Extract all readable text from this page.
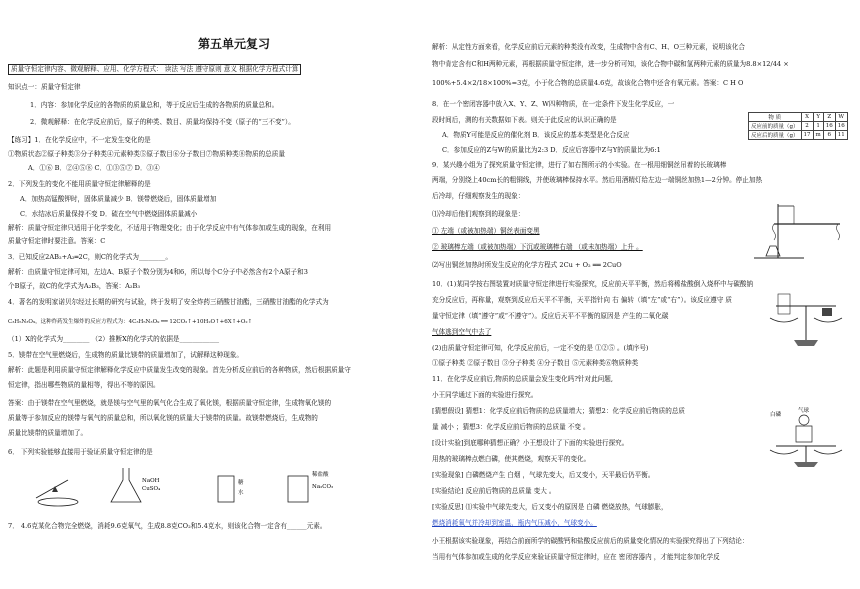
第五单元复习
质量守恒定律内容、微观解释、应用、化学方程式： 读法 写法 遵守原则 意义 根据化学方程式计算
知识点一：质量守恒定律
1．内容：参加化学反应的各物质的质量总和，等于反应后生成的各物质的质量总和。
2．微观解释：在化学反应前后，原子的种类、数目、质量均保持不变（原子的“三不变”）。
【练习】1．在化学反应中，不一定发生变化的是
①物质状态②原子种类③分子种类④元素种类⑤原子数目⑥分子数目⑦物质种类⑧物质的总质量
A．①⑥ B．②④⑤⑧ C．①③⑤⑦ D．③④
2．下列发生的变化不能用质量守恒定律解释的是
A．加热高锰酸钾时，固体质量减少 B．镁带燃烧后，固体质量增加
C．水结冰后质量保持不变 D．硫在空气中燃烧固体质量减小
解析：质量守恒定律只适用于化学变化，不适用于物理变化；由于化学反应中有气体参加或生成的现象，在利用
质量守恒定律时要注意。答案：C
3．已知反应2AB₂+A₂═2C，则C的化学式为________。
解析：由质量守恒定律可知，左边A、B原子个数分别为4和6，所以每个C分子中必然含有2个A原子和3
个B原子，故C的化学式为A₂B₃，答案：A₂B₃
4．著名的发明家诺贝尔经过长期的研究与试验，终于发明了安全炸药三硝酸甘油酯，三硝酸甘油酯的化学式为
C₃H₅N₃O₉，这种炸药发生爆炸的反应方程式为：4C₃H₅N₃O₉ ══ 12CO₂↑+10H₂O↑+6X↑+O₂↑
（1）X的化学式为________ （2）推断X的化学式的依据是____________
5．镁带在空气里燃烧后，生成物的质量比镁带的质量增加了，试解释这种现象。
解析：此题是利用质量守恒定律解释化学反应中质量发生改变的现象。首先分析反应前后的各种物质，然后根据质量守
恒定律，指出哪些物质的量相等，得出不等的原因。
答案：由于镁带在空气里燃烧，就是镁与空气里的氧气化合生成了氧化镁，根据质量守恒定律，生成物氧化镁的
质量等于参加反应的镁带与氧气的质量总和，所以氧化镁的质量大于镁带的质量。故镁带燃烧后，生成物的
质量比镁带的质量增加了。
6． 下列实验能够直接用于验证质量守恒定律的是
NaOH
CuSO₄
糖
水
稀盐酸
Na₂CO₃
7． 4.6克某化合物完全燃烧，消耗9.6克氧气，生成8.8克CO₂和5.4克水，则该化合物一定含有______元素。
解析：从定性方面来看，化学反应前后元素的种类没有改变，生成物中含有C、H、O三种元素，说明该化合
物中肯定含有C和H两种元素，再根据质量守恒定律，进一步分析可知，该化合物中碳和氢两种元素的质量为8.8×12/44 ×
100%+5.4×2/18×100%=3克，小于化合物的总质量4.6克，故该化合物中还含有氧元素。答案：C H O
8．在一个密闭容器中放入X、Y、Z、W四种物质，在一定条件下发生化学反应，一
段时间后，测的有关数据如下表。则关于此反应的认识正确的是
A．物质Y可能是反应的催化剂 B．该反应的基本类型是化合反应
C．参加反应的Z与W的质量比为2:3 D．反应后容器中Z与Y的质量比为6:1
物 质	X	Y	Z	W
反应前的质量（g）	2	1	16	16
反应后的质量（g）	17	m	6	11
9．某兴趣小组为了探究质量守恒定律，进行了如右图所示的小实验。在一根用细铜丝吊着的长玻璃棒
两端，分别绕上40cm长的粗铜线，并使玻璃棒保持水平。然后用酒精灯给左边一端铜丝加热1—2分钟。停止加热
后冷却，仔细观察发生的现象：
⑴冷却后他们观察到的现象是：
① 左端（或被加热端）铜丝表面变黑
② 玻璃棒左端（或被加热端）下沉或玻璃棒右端 （或未加热端）上升 。
⑵写出铜丝加热时所发生反应的化学方程式 2Cu + O₂ ══ 2CuO
10．(1)某同学按右图装置对质量守恒定律进行实验探究，反应前天平平衡，然后将稀盐酸倒入烧杯中与碳酸钠
充分反应后，再称量，观察到反应后天平不平衡，天平指针向 右 偏转（填“左”或“右”）。该反应遵守 质
量守恒定律（填“遵守”或“不遵守”）。反应后天平不平衡的原因是 产生的二氧化碳
气体逃到空气中去了
(2)由质量守恒定律可知，化学反应前后，一定不变的是 ①②⑤ 。(填序号)
①原子种类 ②原子数目 ③分子种类 ④分子数目 ⑤元素种类⑥物质种类
11．在化学反应前后,物质的总质量会发生变化吗?针对此问题,
小王同学通过下面的实验进行探究。
[猜想假设] 猜想1：化学反应前后物质的总质量增大；猜想2：化学反应前后物质的总质
量 减小 ；猜想3：化学反应前后物质的总质量 不变 。
[设计实验]到底哪种猜想正确？小王想设计了下面的实验进行探究。
用热的玻璃棒点燃白磷，使其燃烧，观察天平的变化。
[实验现象] 白磷燃烧产生 白烟 ，气球先变大，后又变小，天平最后仍平衡。
[实验结论] 反应前后物质的总质量 变大 。
[实验反思] ⑴实验中气球先变大，后又变小的原因是 白磷 燃烧放热，气球膨胀，
燃烧消耗氧气并冷却到室温，瓶内气压减小，气球变小。
小王根据该实验现象，再结合前面所学的碳酸钙和盐酸反应前后的质量变化情况的实验探究得出了下列结论：
当用有气体参加或生成的化学反应来验证质量守恒定律时，应在 密闭容器内 ，才能判定参加化学反
白磷
气球
